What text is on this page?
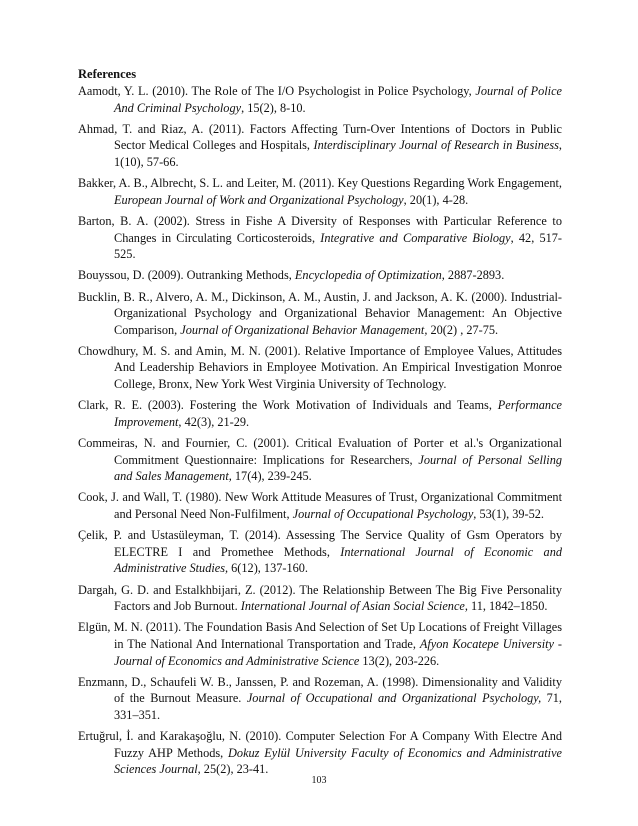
References

Aamodt, Y. L. (2010). The Role of The I/O Psychologist in Police Psychology, Journal of Police And Criminal Psychology, 15(2), 8-10.

Ahmad, T. and Riaz, A. (2011). Factors Affecting Turn-Over Intentions of Doctors in Public Sector Medical Colleges and Hospitals, Interdisciplinary Journal of Research in Business, 1(10), 57-66.

Bakker, A. B., Albrecht, S. L. and Leiter, M. (2011). Key Questions Regarding Work Engagement, European Journal of Work and Organizational Psychology, 20(1), 4-28.

Barton, B. A. (2002). Stress in Fishe A Diversity of Responses with Particular Reference to Changes in Circulating Corticosteroids, Integrative and Comparative Biology, 42, 517-525.

Bouyssou, D. (2009). Outranking Methods, Encyclopedia of Optimization, 2887-2893.

Bucklin, B. R., Alvero, A. M., Dickinson, A. M., Austin, J. and Jackson, A. K. (2000). Industrial-Organizational Psychology and Organizational Behavior Management: An Objective Comparison, Journal of Organizational Behavior Management, 20(2) , 27-75.

Chowdhury, M. S. and Amin, M. N. (2001). Relative Importance of Employee Values, Attitudes And Leadership Behaviors in Employee Motivation. An Empirical Investigation Monroe College, Bronx, New York West Virginia University of Technology.

Clark, R. E. (2003). Fostering the Work Motivation of Individuals and Teams, Performance Improvement, 42(3), 21-29.

Commeiras, N. and Fournier, C. (2001). Critical Evaluation of Porter et al.'s Organizational Commitment Questionnaire: Implications for Researchers, Journal of Personal Selling and Sales Management, 17(4), 239-245.

Cook, J. and Wall, T. (1980). New Work Attitude Measures of Trust, Organizational Commitment and Personal Need Non-Fulfilment, Journal of Occupational Psychology, 53(1), 39-52.

Çelik, P. and Ustasüleyman, T. (2014). Assessing The Service Quality of Gsm Operators by ELECTRE I and Promethee Methods, International Journal of Economic and Administrative Studies, 6(12), 137-160.

Dargah, G. D. and Estalkhbijari, Z. (2012). The Relationship Between The Big Five Personality Factors and Job Burnout. International Journal of Asian Social Science, 11, 1842–1850.

Elgün, M. N. (2011). The Foundation Basis And Selection of Set Up Locations of Freight Villages in The National And International Transportation and Trade, Afyon Kocatepe University - Journal of Economics and Administrative Science 13(2), 203-226.

Enzmann, D., Schaufeli W. B., Janssen, P. and Rozeman, A. (1998). Dimensionality and Validity of the Burnout Measure. Journal of Occupational and Organizational Psychology, 71, 331–351.

Ertuğrul, İ. and Karakaşoğlu, N. (2010). Computer Selection For A Company With Electre And Fuzzy AHP Methods, Dokuz Eylül University Faculty of Economics and Administrative Sciences Journal, 25(2), 23-41.

103
